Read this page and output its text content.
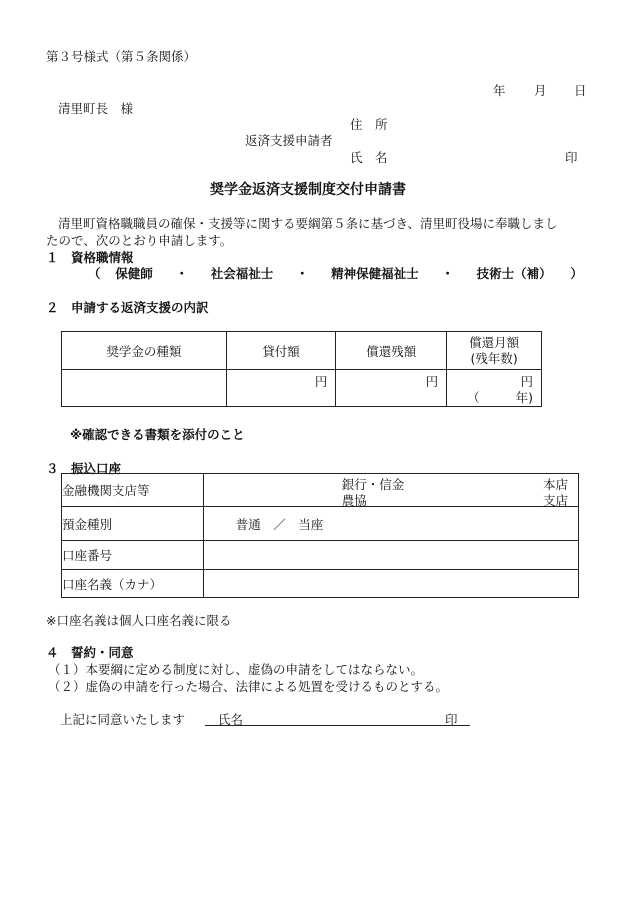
第３号様式（第５条関係）
年 月 日
清里町長　様
住　所
返済支援申請者
氏　名	印
奨学金返済支援制度交付申請書
清里町資格職職員の確保・支援等に関する要綱第５条に基づき、清里町役場に奉職しまし
たので、次のとおり申請します。
１　資格職情報
（ 保健師 ・ 社会福祉士 ・ 精神保健福祉士 ・ 技術士（補） ）
２　申請する返済支援の内訳
奨学金の種類	貸付額	償還残額	償還月額
(残年数)

	円	円	円
（ 年)
※確認できる書類を添付のこと
３　振込口座
金融機関支店等	銀行・信金
農協
本店
支店

預金種別	普通　／　当座
口座番号	
口座名義（カナ）	
※口座名義は個人口座名義に限る
４　誓約・同意
（１）本要綱に定める制度に対し、虚偽の申請をしてはならない。
（２）虚偽の申請を行った場合、法律による処置を受けるものとする。
上記に同意いたします	氏名	印
